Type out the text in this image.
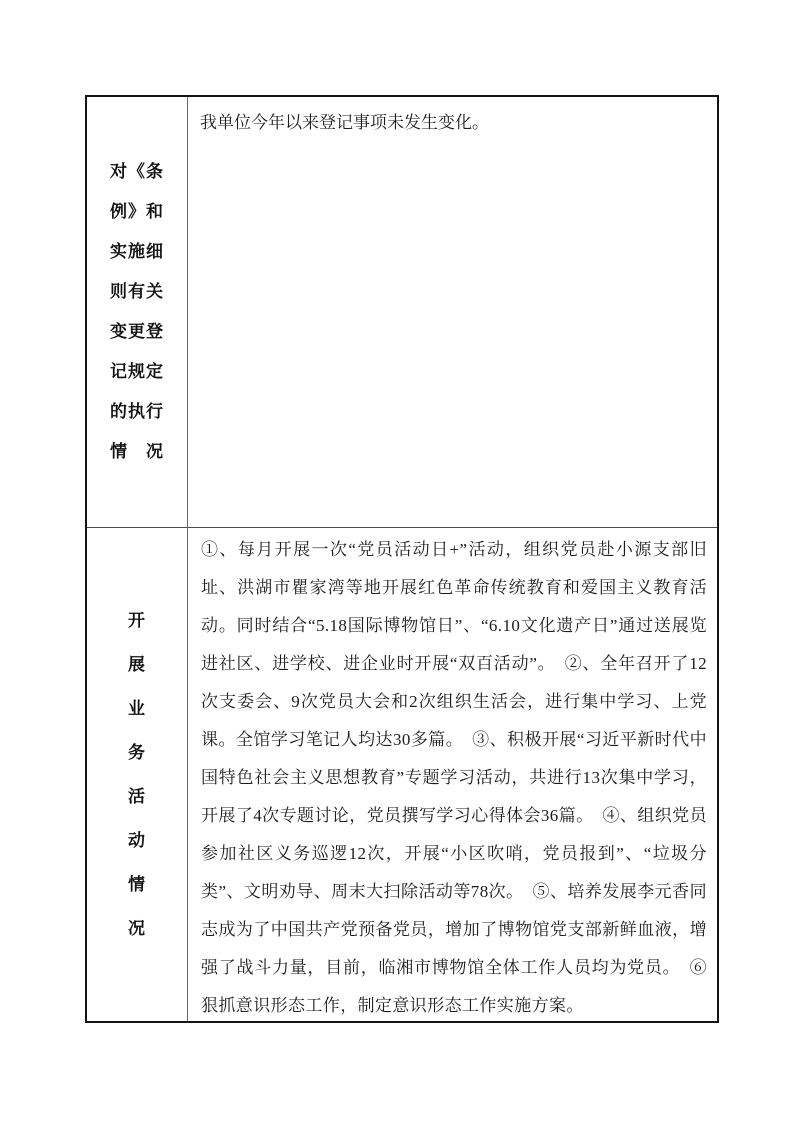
对《条
例》和
实施细
则有关
变更登
记规定
的执行
情　况
我单位今年以来登记事项未发生变化。
开
展
业
务
活
动
情
况
①、每月开展一次“党员活动日+”活动，组织党员赴小源支部旧址、洪湖市瞿家湾等地开展红色革命传统教育和爱国主义教育活动。同时结合“5.18国际博物馆日”、“6.10文化遗产日”通过送展览进社区、进学校、进企业时开展“双百活动”。　②、全年召开了12次支委会、9次党员大会和2次组织生活会，进行集中学习、上党课。全馆学习笔记人均达30多篇。　③、积极开展“习近平新时代中国特色社会主义思想教育”专题学习活动，共进行13次集中学习，开展了4次专题讨论，党员撰写学习心得体会36篇。　④、组织党员参加社区义务巡逻12次，开展“小区吹哨，党员报到”、“垃圾分类”、文明劝导、周末大扫除活动等78次。　⑤、培养发展李元香同志成为了中国共产党预备党员，增加了博物馆党支部新鲜血液，增强了战斗力量，目前，临湘市博物馆全体工作人员均为党员。　⑥狠抓意识形态工作，制定意识形态工作实施方案。
